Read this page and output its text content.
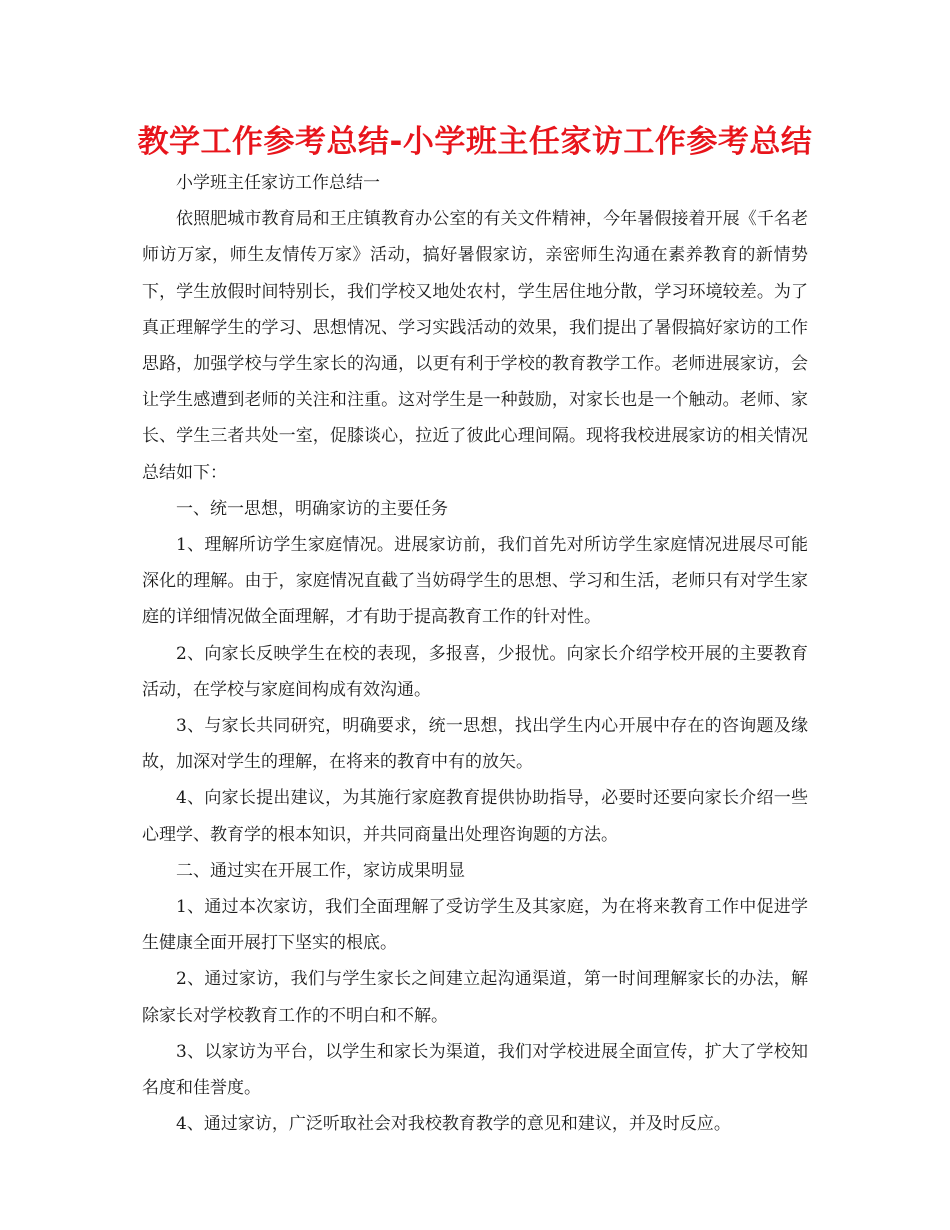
教学工作参考总结-小学班主任家访工作参考总结

小学班主任家访工作总结一

依照肥城市教育局和王庄镇教育办公室的有关文件精神，今年暑假接着开展《千名老师访万家，师生友情传万家》活动，搞好暑假家访，亲密师生沟通在素养教育的新情势下，学生放假时间特别长，我们学校又地处农村，学生居住地分散，学习环境较差。为了真正理解学生的学习、思想情况、学习实践活动的效果，我们提出了暑假搞好家访的工作思路，加强学校与学生家长的沟通，以更有利于学校的教育教学工作。老师进展家访，会让学生感遭到老师的关注和注重。这对学生是一种鼓励，对家长也是一个触动。老师、家长、学生三者共处一室，促膝谈心，拉近了彼此心理间隔。现将我校进展家访的相关情况总结如下：

一、统一思想，明确家访的主要任务

1、理解所访学生家庭情况。进展家访前，我们首先对所访学生家庭情况进展尽可能深化的理解。由于，家庭情况直截了当妨碍学生的思想、学习和生活，老师只有对学生家庭的详细情况做全面理解，才有助于提高教育工作的针对性。

2、向家长反映学生在校的表现，多报喜，少报忧。向家长介绍学校开展的主要教育活动，在学校与家庭间构成有效沟通。

3、与家长共同研究，明确要求，统一思想，找出学生内心开展中存在的咨询题及缘故，加深对学生的理解，在将来的教育中有的放矢。

4、向家长提出建议，为其施行家庭教育提供协助指导，必要时还要向家长介绍一些心理学、教育学的根本知识，并共同商量出处理咨询题的方法。

二、通过实在开展工作，家访成果明显

1、通过本次家访，我们全面理解了受访学生及其家庭，为在将来教育工作中促进学生健康全面开展打下坚实的根底。

2、通过家访，我们与学生家长之间建立起沟通渠道，第一时间理解家长的办法，解除家长对学校教育工作的不明白和不解。

3、以家访为平台，以学生和家长为渠道，我们对学校进展全面宣传，扩大了学校知名度和佳誉度。

4、通过家访，广泛听取社会对我校教育教学的意见和建议，并及时反应。
